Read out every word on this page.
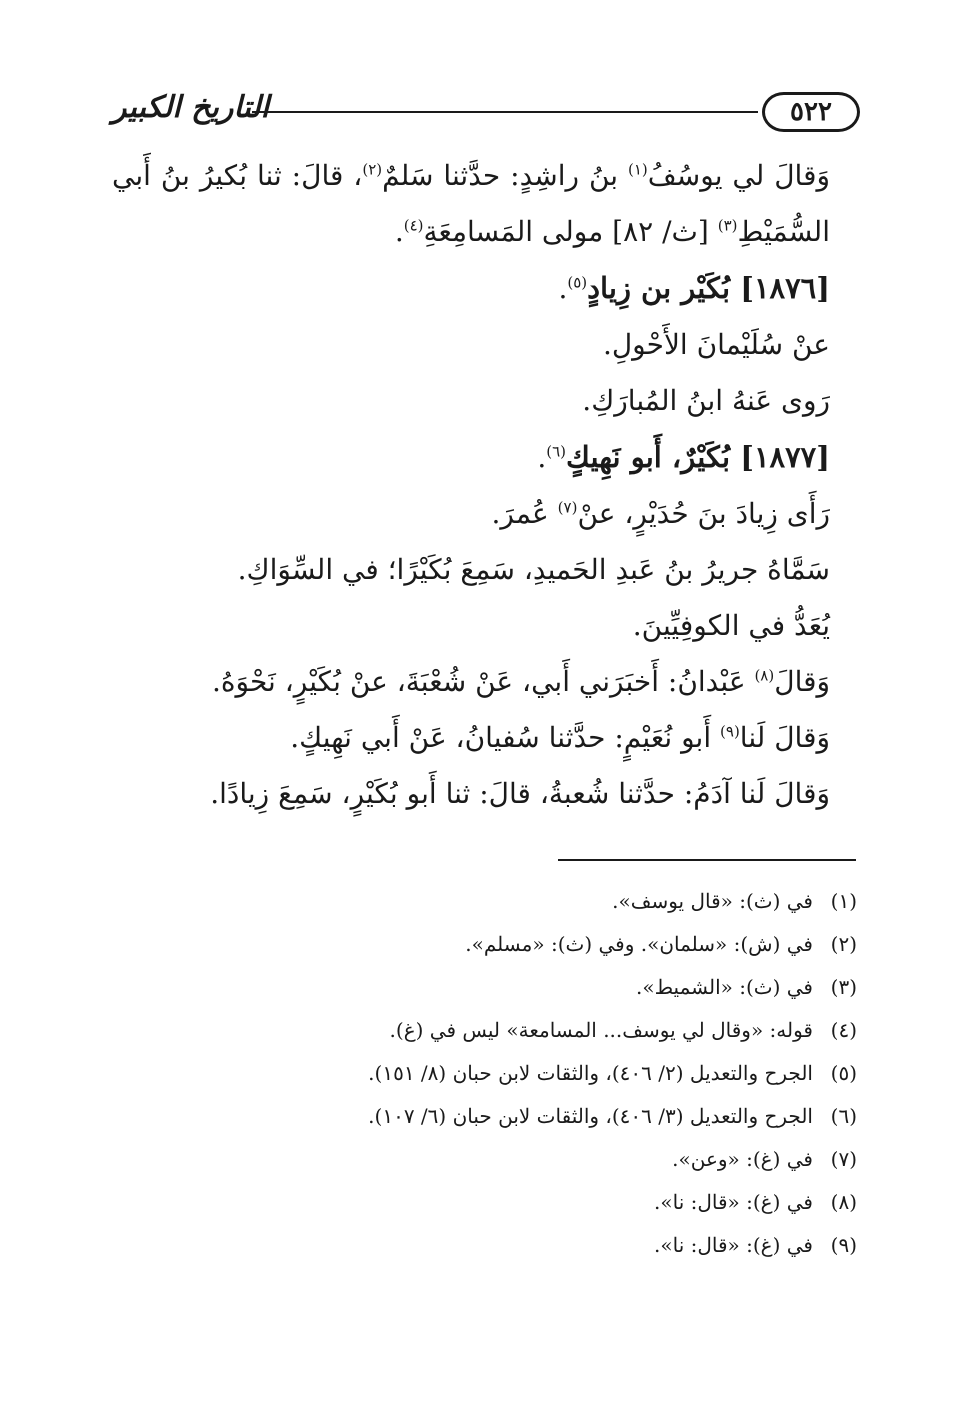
٥٢٢
التاريخ الكبير

وَقالَ لي يوسُفُ$^{(١)}$ بنُ راشِدٍ: حدَّثنا سَلمٌ$^{(٢)}$، قالَ: ثنا بُكيرُ بنُ أَبي السُّمَيْطِ$^{(٣)}$ [ث/ ٨٢] مولى المَسامِعَةِ$^{(٤)}$.

[١٨٧٦] بُكَيْر بن زِيادٍ$^{(٥)}$.

عنْ سُلَيْمانَ الأَحْولِ.

رَوى عَنهُ ابنُ المُبارَكِ.

[١٨٧٧] بُكَيْرٌ، أَبو نَهِيكٍ$^{(٦)}$.

رَأَى زِيادَ بنَ حُدَيْرٍ، عنْ$^{(٧)}$ عُمرَ.

سَمَّاهُ جريرُ بنُ عَبدِ الحَميدِ، سَمِعَ بُكَيْرًا؛ في السِّوَاكِ.

يُعَدُّ في الكوفِيِّينَ.

وَقالَ$^{(٨)}$ عَبْدانُ: أَخبَرَني أَبي، عَنْ شُعْبَةَ، عنْ بُكَيْرٍ، نَحْوَهُ.

وَقالَ لَنا$^{(٩)}$ أَبو نُعَيْمٍ: حدَّثنا سُفيانُ، عَنْ أَبي نَهِيكٍ.

وَقالَ لَنا آدَمُ: حدَّثنا شُعبةُ، قالَ: ثنا أَبو بُكَيْرٍ، سَمِعَ زِيادًا.

(١)
في (ث): «قال يوسف».

(٢)
في (ش): «سلمان». وفي (ث): «مسلم».

(٣)
في (ث): «الشميط».

(٤)
قوله: «وقال لي يوسف... المسامعة» ليس في (غ).

(٥)
الجرح والتعديل (٢/ ٤٠٦)، والثقات لابن حبان (٨/ ١٥١).

(٦)
الجرح والتعديل (٣/ ٤٠٦)، والثقات لابن حبان (٦/ ١٠٧).

(٧)
في (غ): «وعن».

(٨)
في (غ): «قال: نا».

(٩)
في (غ): «قال: نا».
